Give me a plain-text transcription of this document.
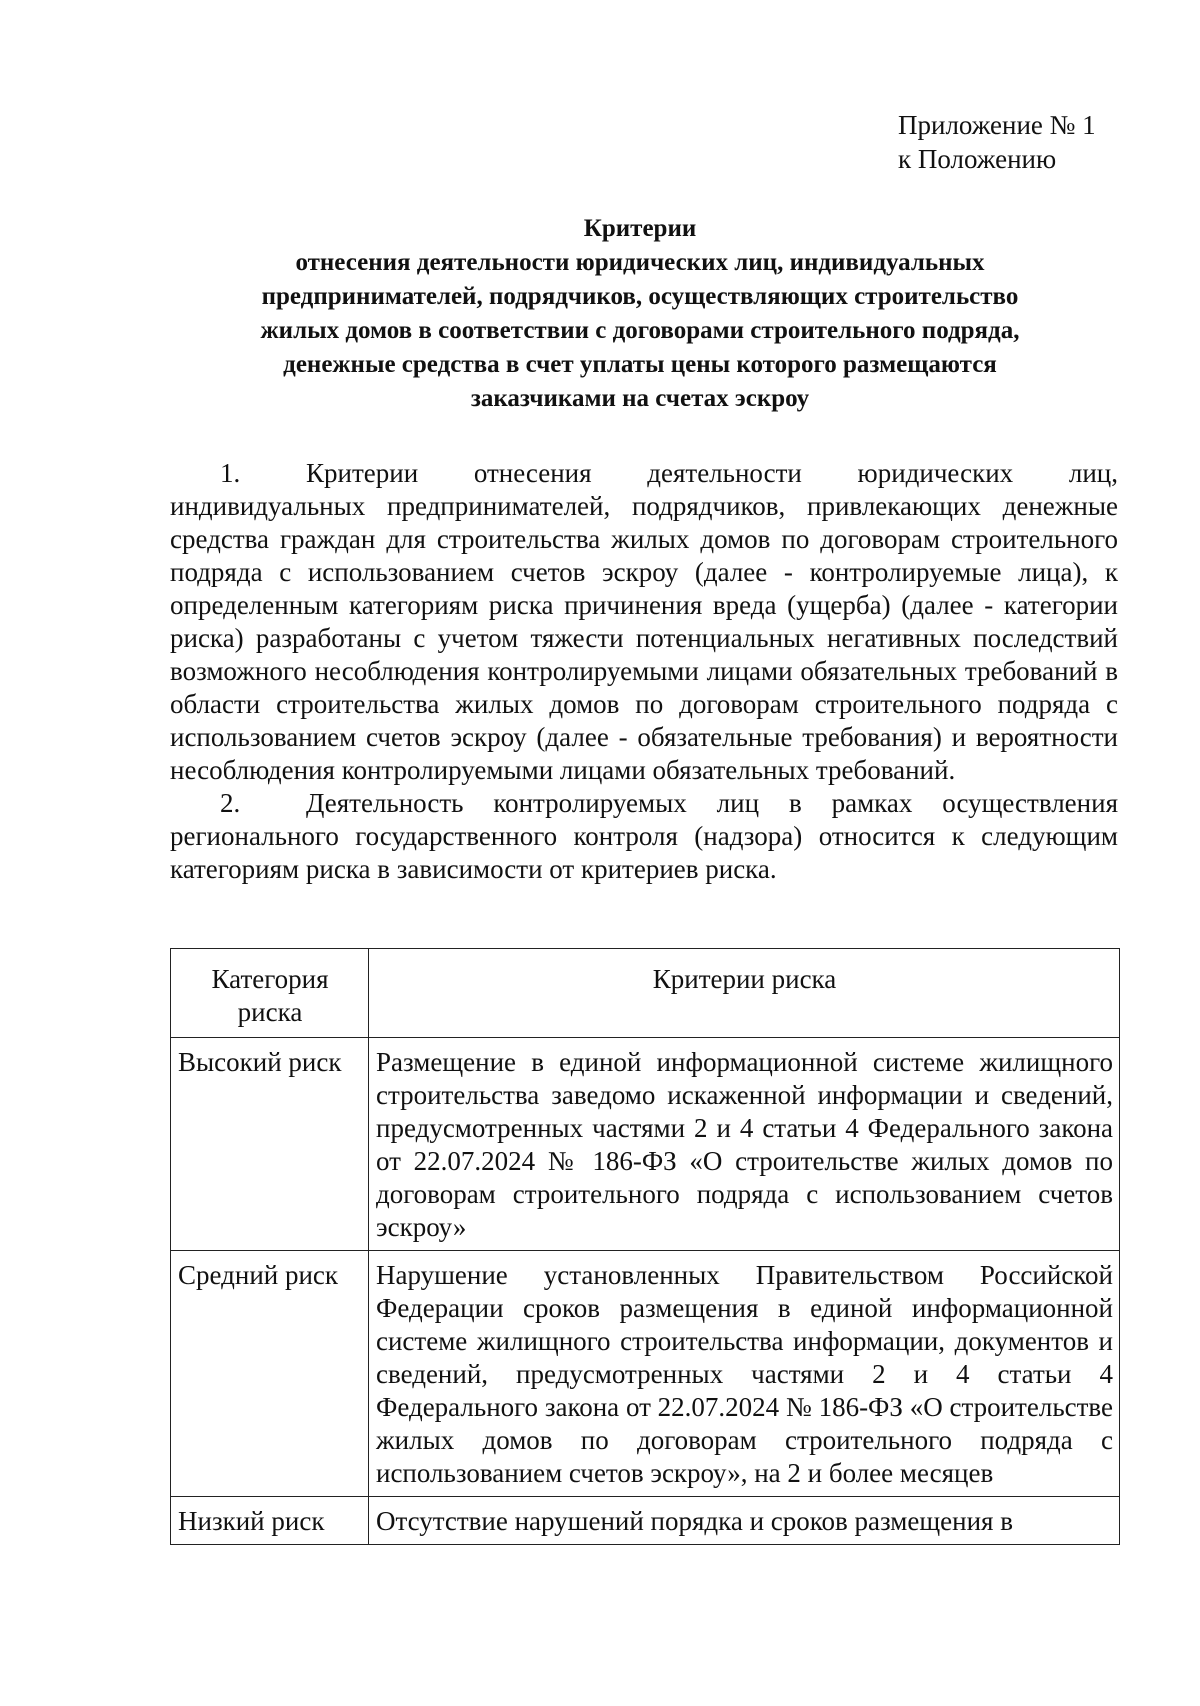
Приложение № 1
к Положению
Критерии
отнесения деятельности юридических лиц, индивидуальных
предпринимателей, подрядчиков, осуществляющих строительство
жилых домов в соответствии с договорами строительного подряда,
денежные средства в счет уплаты цены которого размещаются
заказчиками на счетах эскроу

1. Критерии отнесения деятельности юридических лиц, индивидуальных предпринимателей, подрядчиков, привлекающих денежные средства граждан для строительства жилых домов по договорам строительного подряда с использованием счетов эскроу (далее - контролируемые лица), к определенным категориям риска причинения вреда (ущерба) (далее - категории риска) разработаны с учетом тяжести потенциальных негативных последствий возможного несоблюдения контролируемыми лицами обязательных требований в области строительства жилых домов по договорам строительного подряда с использованием счетов эскроу (далее - обязательные требования) и вероятности несоблюдения контролируемыми лицами обязательных требований.

2. Деятельность контролируемых лиц в рамках осуществления регионального государственного контроля (надзора) относится к следующим категориям риска в зависимости от критериев риска.

Категория риска	Критерии риска
Высокий риск	Размещение в единой информационной системе жилищного строительства заведомо искаженной информации и сведений, предусмотренных частями 2 и 4 статьи 4 Федерального закона от 22.07.2024 № 186-ФЗ «О строительстве жилых домов по договорам строительного подряда с использованием счетов эскроу»
Средний риск	Нарушение установленных Правительством Российской Федерации сроков размещения в единой информационной системе жилищного строительства информации, документов и сведений, предусмотренных частями 2 и 4 статьи 4 Федерального закона от 22.07.2024 № 186-ФЗ «О строительстве жилых домов по договорам строительного подряда с использованием счетов эскроу», на 2 и более месяцев
Низкий риск	Отсутствие нарушений порядка и сроков размещения в
